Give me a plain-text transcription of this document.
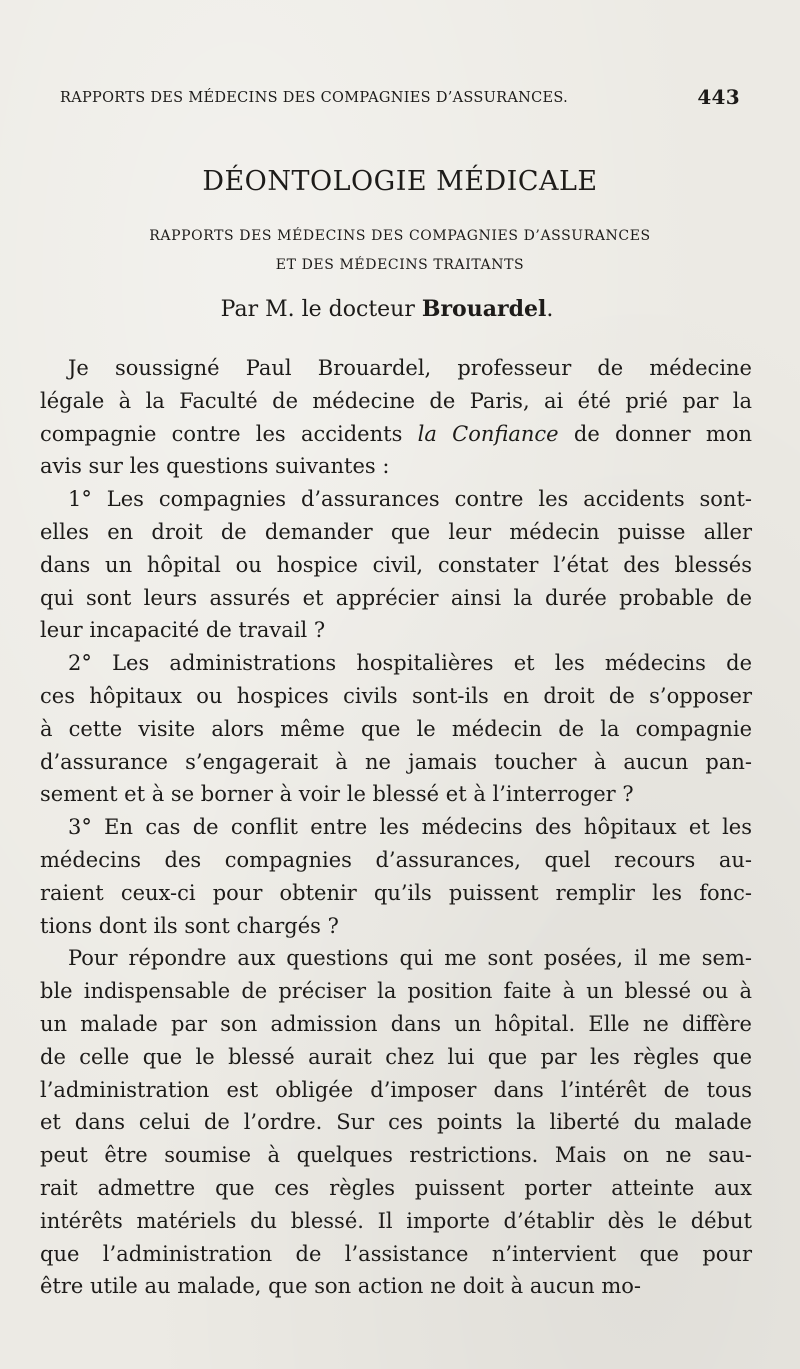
RAPPORTS DES MÉDECINS DES COMPAGNIES D’ASSURANCES.	443
DÉONTOLOGIE MÉDICALE
RAPPORTS DES MÉDECINS DES COMPAGNIES D’ASSURANCES
ET DES MÉDECINS TRAITANTS
Par M. le docteur Brouardel.

Je soussigné Paul Brouardel, professeur de médecine
légale à la Faculté de médecine de Paris, ai été prié par la
compagnie contre les accidents la Confiance de donner mon
avis sur les questions suivantes :

1° Les compagnies d’assurances contre les accidents sont-
elles en droit de demander que leur médecin puisse aller
dans un hôpital ou hospice civil, constater l’état des blessés
qui sont leurs assurés et apprécier ainsi la durée probable de
leur incapacité de travail ?

2° Les administrations hospitalières et les médecins de
ces hôpitaux ou hospices civils sont-ils en droit de s’opposer
à cette visite alors même que le médecin de la compagnie
d’assurance s’engagerait à ne jamais toucher à aucun pan-
sement et à se borner à voir le blessé et à l’interroger ?

3° En cas de conflit entre les médecins des hôpitaux et les
médecins des compagnies d’assurances, quel recours au-
raient ceux-ci pour obtenir qu’ils puissent remplir les fonc-
tions dont ils sont chargés ?

Pour répondre aux questions qui me sont posées, il me sem-
ble indispensable de préciser la position faite à un blessé ou à
un malade par son admission dans un hôpital. Elle ne diffère
de celle que le blessé aurait chez lui que par les règles que
l’administration est obligée d’imposer dans l’intérêt de tous
et dans celui de l’ordre. Sur ces points la liberté du malade
peut être soumise à quelques restrictions. Mais on ne sau-
rait admettre que ces règles puissent porter atteinte aux
intérêts matériels du blessé. Il importe d’établir dès le début
que l’administration de l’assistance n’intervient que pour
être utile au malade, que son action ne doit à aucun mo-
